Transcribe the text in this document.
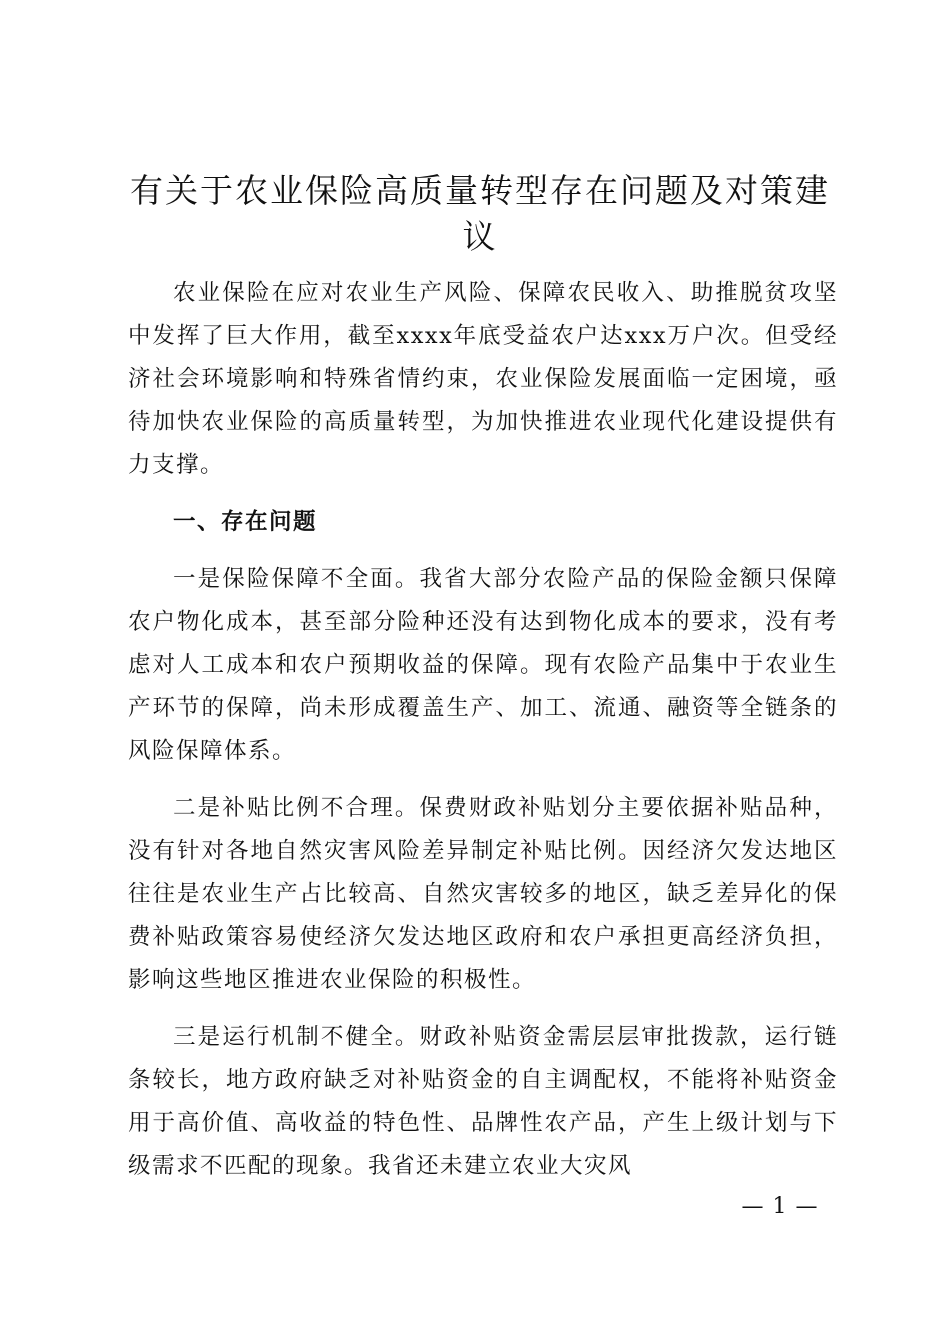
有关于农业保险高质量转型存在问题及对策建议

农业保险在应对农业生产风险、保障农民收入、助推脱贫攻坚中发挥了巨大作用，截至xxxx年底受益农户达xxx万户次。但受经济社会环境影响和特殊省情约束，农业保险发展面临一定困境，亟待加快农业保险的高质量转型，为加快推进农业现代化建设提供有力支撑。

一、存在问题

一是保险保障不全面。我省大部分农险产品的保险金额只保障农户物化成本，甚至部分险种还没有达到物化成本的要求，没有考虑对人工成本和农户预期收益的保障。现有农险产品集中于农业生产环节的保障，尚未形成覆盖生产、加工、流通、融资等全链条的风险保障体系。

二是补贴比例不合理。保费财政补贴划分主要依据补贴品种，没有针对各地自然灾害风险差异制定补贴比例。因经济欠发达地区往往是农业生产占比较高、自然灾害较多的地区，缺乏差异化的保费补贴政策容易使经济欠发达地区政府和农户承担更高经济负担，影响这些地区推进农业保险的积极性。

三是运行机制不健全。财政补贴资金需层层审批拨款，运行链条较长，地方政府缺乏对补贴资金的自主调配权，不能将补贴资金用于高价值、高收益的特色性、品牌性农产品，产生上级计划与下级需求不匹配的现象。我省还未建立农业大灾风

— 1 —
